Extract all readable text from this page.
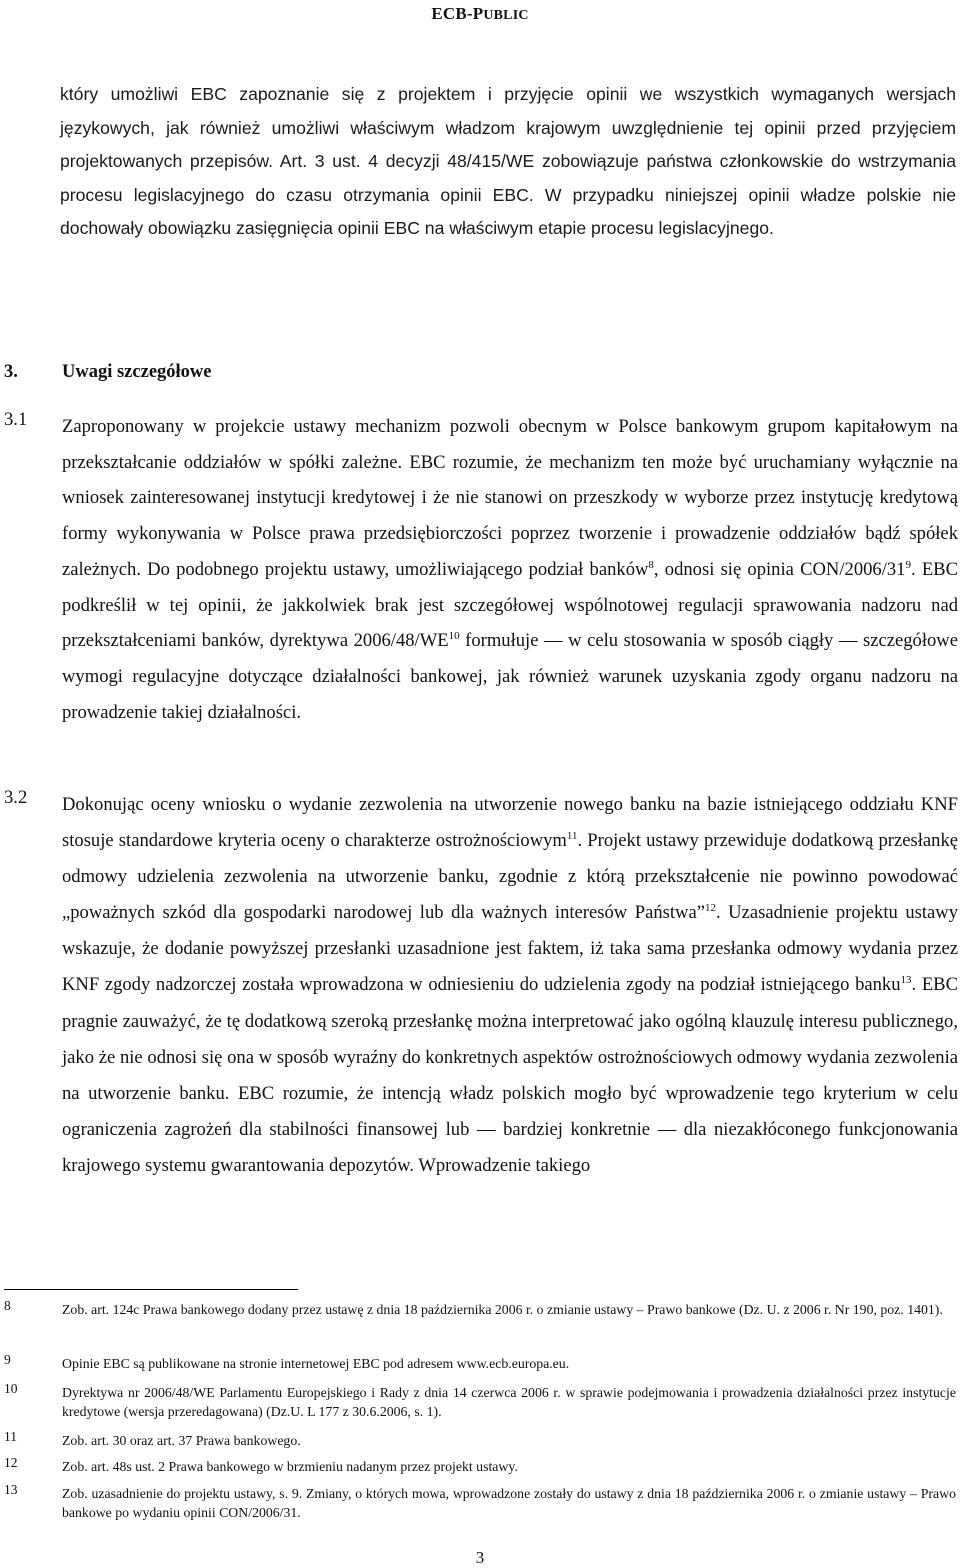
ECB-PUBLIC
który umożliwi EBC zapoznanie się z projektem i przyjęcie opinii we wszystkich wymaganych wersjach językowych, jak również umożliwi właściwym władzom krajowym uwzględnienie tej opinii przed przyjęciem projektowanych przepisów. Art. 3 ust. 4 decyzji 48/415/WE zobowiązuje państwa członkowskie do wstrzymania procesu legislacyjnego do czasu otrzymania opinii EBC. W przypadku niniejszej opinii władze polskie nie dochowały obowiązku zasięgnięcia opinii EBC na właściwym etapie procesu legislacyjnego.
3. Uwagi szczegółowe
3.1 Zaproponowany w projekcie ustawy mechanizm pozwoli obecnym w Polsce bankowym grupom kapitałowym na przekształcanie oddziałów w spółki zależne. EBC rozumie, że mechanizm ten może być uruchamiany wyłącznie na wniosek zainteresowanej instytucji kredytowej i że nie stanowi on przeszkody w wyborze przez instytucję kredytową formy wykonywania w Polsce prawa przedsiębiorczości poprzez tworzenie i prowadzenie oddziałów bądź spółek zależnych. Do podobnego projektu ustawy, umożliwiającego podział banków$^8$, odnosi się opinia CON/$2006/31^9$. EBC podkreślił w tej opinii, że jakkolwiek brak jest szczegółowej wspólnotowej regulacji sprawowania nadzoru nad przekształceniami banków, dyrektywa 2006/48/WE$^{10}$ formułuje — w celu stosowania w sposób ciągły — szczegółowe wymogi regulacyjne dotyczące działalności bankowej, jak również warunek uzyskania zgody organu nadzoru na prowadzenie takiej działalności.

3.2 Dokonując oceny wniosku o wydanie zezwolenia na utworzenie nowego banku na bazie istniejącego oddziału KNF stosuje standardowe kryteria oceny o charakterze ostrożnościowym$^{11}$. Projekt ustawy przewiduje dodatkową przesłankę odmowy udzielenia zezwolenia na utworzenie banku, zgodnie z którą przekształcenie nie powinno powodować „poważnych szkód dla gospodarki narodowej lub dla ważnych interesów Państwa”$^{12}$. Uzasadnienie projektu ustawy wskazuje, że dodanie powyższej przesłanki uzasadnione jest faktem, iż taka sama przesłanka odmowy wydania przez KNF zgody nadzorczej została wprowadzona w odniesieniu do udzielenia zgody na podział istniejącego banku$^{13}$. EBC pragnie zauważyć, że tę dodatkową szeroką przesłankę można interpretować jako ogólną klauzulę interesu publicznego, jako że nie odnosi się ona w sposób wyraźny do konkretnych aspektów ostrożnościowych odmowy wydania zezwolenia na utworzenie banku. EBC rozumie, że intencją władz polskich mogło być wprowadzenie tego kryterium w celu ograniczenia zagrożeń dla stabilności finansowej lub — bardziej konkretnie — dla niezakłóconego funkcjonowania krajowego systemu gwarantowania depozytów. Wprowadzenie takiego

8	Zob. art. 124c Prawa bankowego dodany przez ustawę z dnia 18 października 2006 r. o zmianie ustawy – Prawo bankowe (Dz. U. z 2006 r. Nr 190, poz. 1401).
9	Opinie EBC są publikowane na stronie internetowej EBC pod adresem www.ecb.europa.eu.
10	Dyrektywa nr 2006/48/WE Parlamentu Europejskiego i Rady z dnia 14 czerwca 2006 r. w sprawie podejmowania i prowadzenia działalności przez instytucje kredytowe (wersja przeredagowana) (Dz.U. L 177 z 30.6.2006, s. 1).
11	Zob. art. 30 oraz art. 37 Prawa bankowego.
12	Zob. art. 48s ust. 2 Prawa bankowego w brzmieniu nadanym przez projekt ustawy.
13	Zob. uzasadnienie do projektu ustawy, s. 9. Zmiany, o których mowa, wprowadzone zostały do ustawy z dnia 18 października 2006 r. o zmianie ustawy – Prawo bankowe po wydaniu opinii CON/2006/31.
3
